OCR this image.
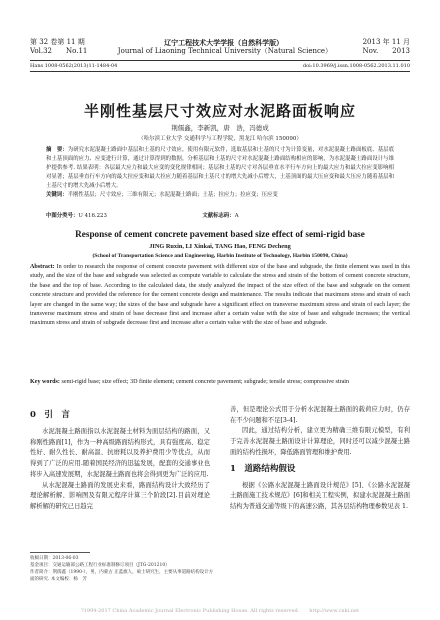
第 32 卷第 11 期	辽宁工程技术大学学报（自然科学版）	2013 年 11 月
Vol.32　　No.11	Journal of Liaoning Technical University（Natural Science）	Nov.　　2013
Hans 1008-0562(2013)11-1484-04	doi:10.3969/j.issn.1008-0562.2013.11.010
半刚性基层尺寸效应对水泥路面板响应
荆儒鑫，李新凯，唐　浩，冯德成
（哈尔滨工业大学 交通科学与工程学院，黑龙江 哈尔滨 150090）
摘　要：为研究水泥混凝土路面中基层和土基的尺寸效应，使用有限元软件，选取基层和土基的尺寸为计算变量，对水泥混凝土路面板底、基层底和土基顶面的应力、应变进行计算，通过计算得到的数据，分析基层和土基的尺寸对水泥混凝土路面结构相应的影响，为水泥混凝土路面设计与维护提供参考. 结果表明：各层最大应力和最大应变的变化规律相同；基层和土基的尺寸对各层垂直水平行车方向上的最大应力和最大拉应变影响相对显著；基层垂直行车方向的最大拉应变和最大拉应力随着基层和土基尺寸的增大先减小后增大，土基顶面的最大压应变和最大压应力随着基层和土基尺寸的增大先减小后增大。
关键词：半刚性基层；尺寸效应；三维有限元；水泥混凝土路面；土基；拉应力；拉应变；压应变
中图分类号：U 416.223	文献标志码：A
Response of cement concrete pavement based size effect of semi-rigid base
JING Ruxin, LI Xinkai, TANG Hao, FENG Decheng
(School of Transportation Science and Engineering, Harbin Institute of Technology, Harbin 150090, China)
Abstract: In order to research the response of cement concrete pavement with different size of the base and subgrade, the finite element was used in this study, and the size of the base and subgrade was selected as compute variable to calculate the stress and strain of the bottom of cement concrete structure, the base and the top of base. According to the calculated data, the study analyzed the impact of the size effect of the base and subgrade on the cement concrete structure and provided the reference for the cement concrete design and maintenance. The results indicate that maximum stress and strain of each layer are changed in the same way; the sizes of the base and subgrade have a significant effect on transverse maximum stress and strain of each layer; the transverse maximum stress and strain of base decrease first and increase after a certain value with the size of base and subgrade increases; the vertical maximum stress and strain of subgrade decrease first and increase after a certain value with the size of base and subgrade.
Key words: semi-rigid base; size effect; 3D finite element; cement concrete pavement; subgrade; tensile stress; compressive strain
0　引　言

水泥混凝土路面指以水泥混凝土材料为面层结构的路面，又称刚性路面[1]，作为一种高级路面结构形式，具有强度高、稳定性好、耐久性长、耐高温、抗磨耗以及养护费用少等优点，从而得到了广泛的应用.随着国民经济的迅猛发展，配套的交通事业也将步入高速发展期，水泥混凝土路面也将会得到更为广泛的应用.

从水泥混凝土路面的发展史来看，路面结构设计大致经历了理论解析解、影响图及有限元程序计算三个阶段[2].目前对理论解析解的研究已日趋完

善，但是理论公式用于分析水泥混凝土路面的载荷应力时，仍存在不少问题和不足[3-4].

因此，通过结构分析，建立更为精确三维有限元模型，有利于完善水泥混凝土路面设计计算理论，同时还可以减少混凝土路面的结构性损坏，降低路面管理和维护费用.

1　道路结构假设

根据《公路水泥混凝土路面设计规范》[5]、《公路水泥混凝土路面施工技术规范》[6]和相关工程实例，拟建水泥混凝土路面结构为普通交通等级下的高速公路，其各层结构物理参数见表 1.

收稿日期：2013-06-03
基金项目：交通运输部公路工程行业标准制修订项目（JTG-201210）
作者简介：荆儒鑫（1990-），男，内蒙古 正蓝旗人，硕士研究生，主要从事道路结构设计方面的研究. 本文编校：杨　芳
?1994-2017 China Academic Journal Electronic Publishing House. All rights reserved.　　http://www.cnki.net
